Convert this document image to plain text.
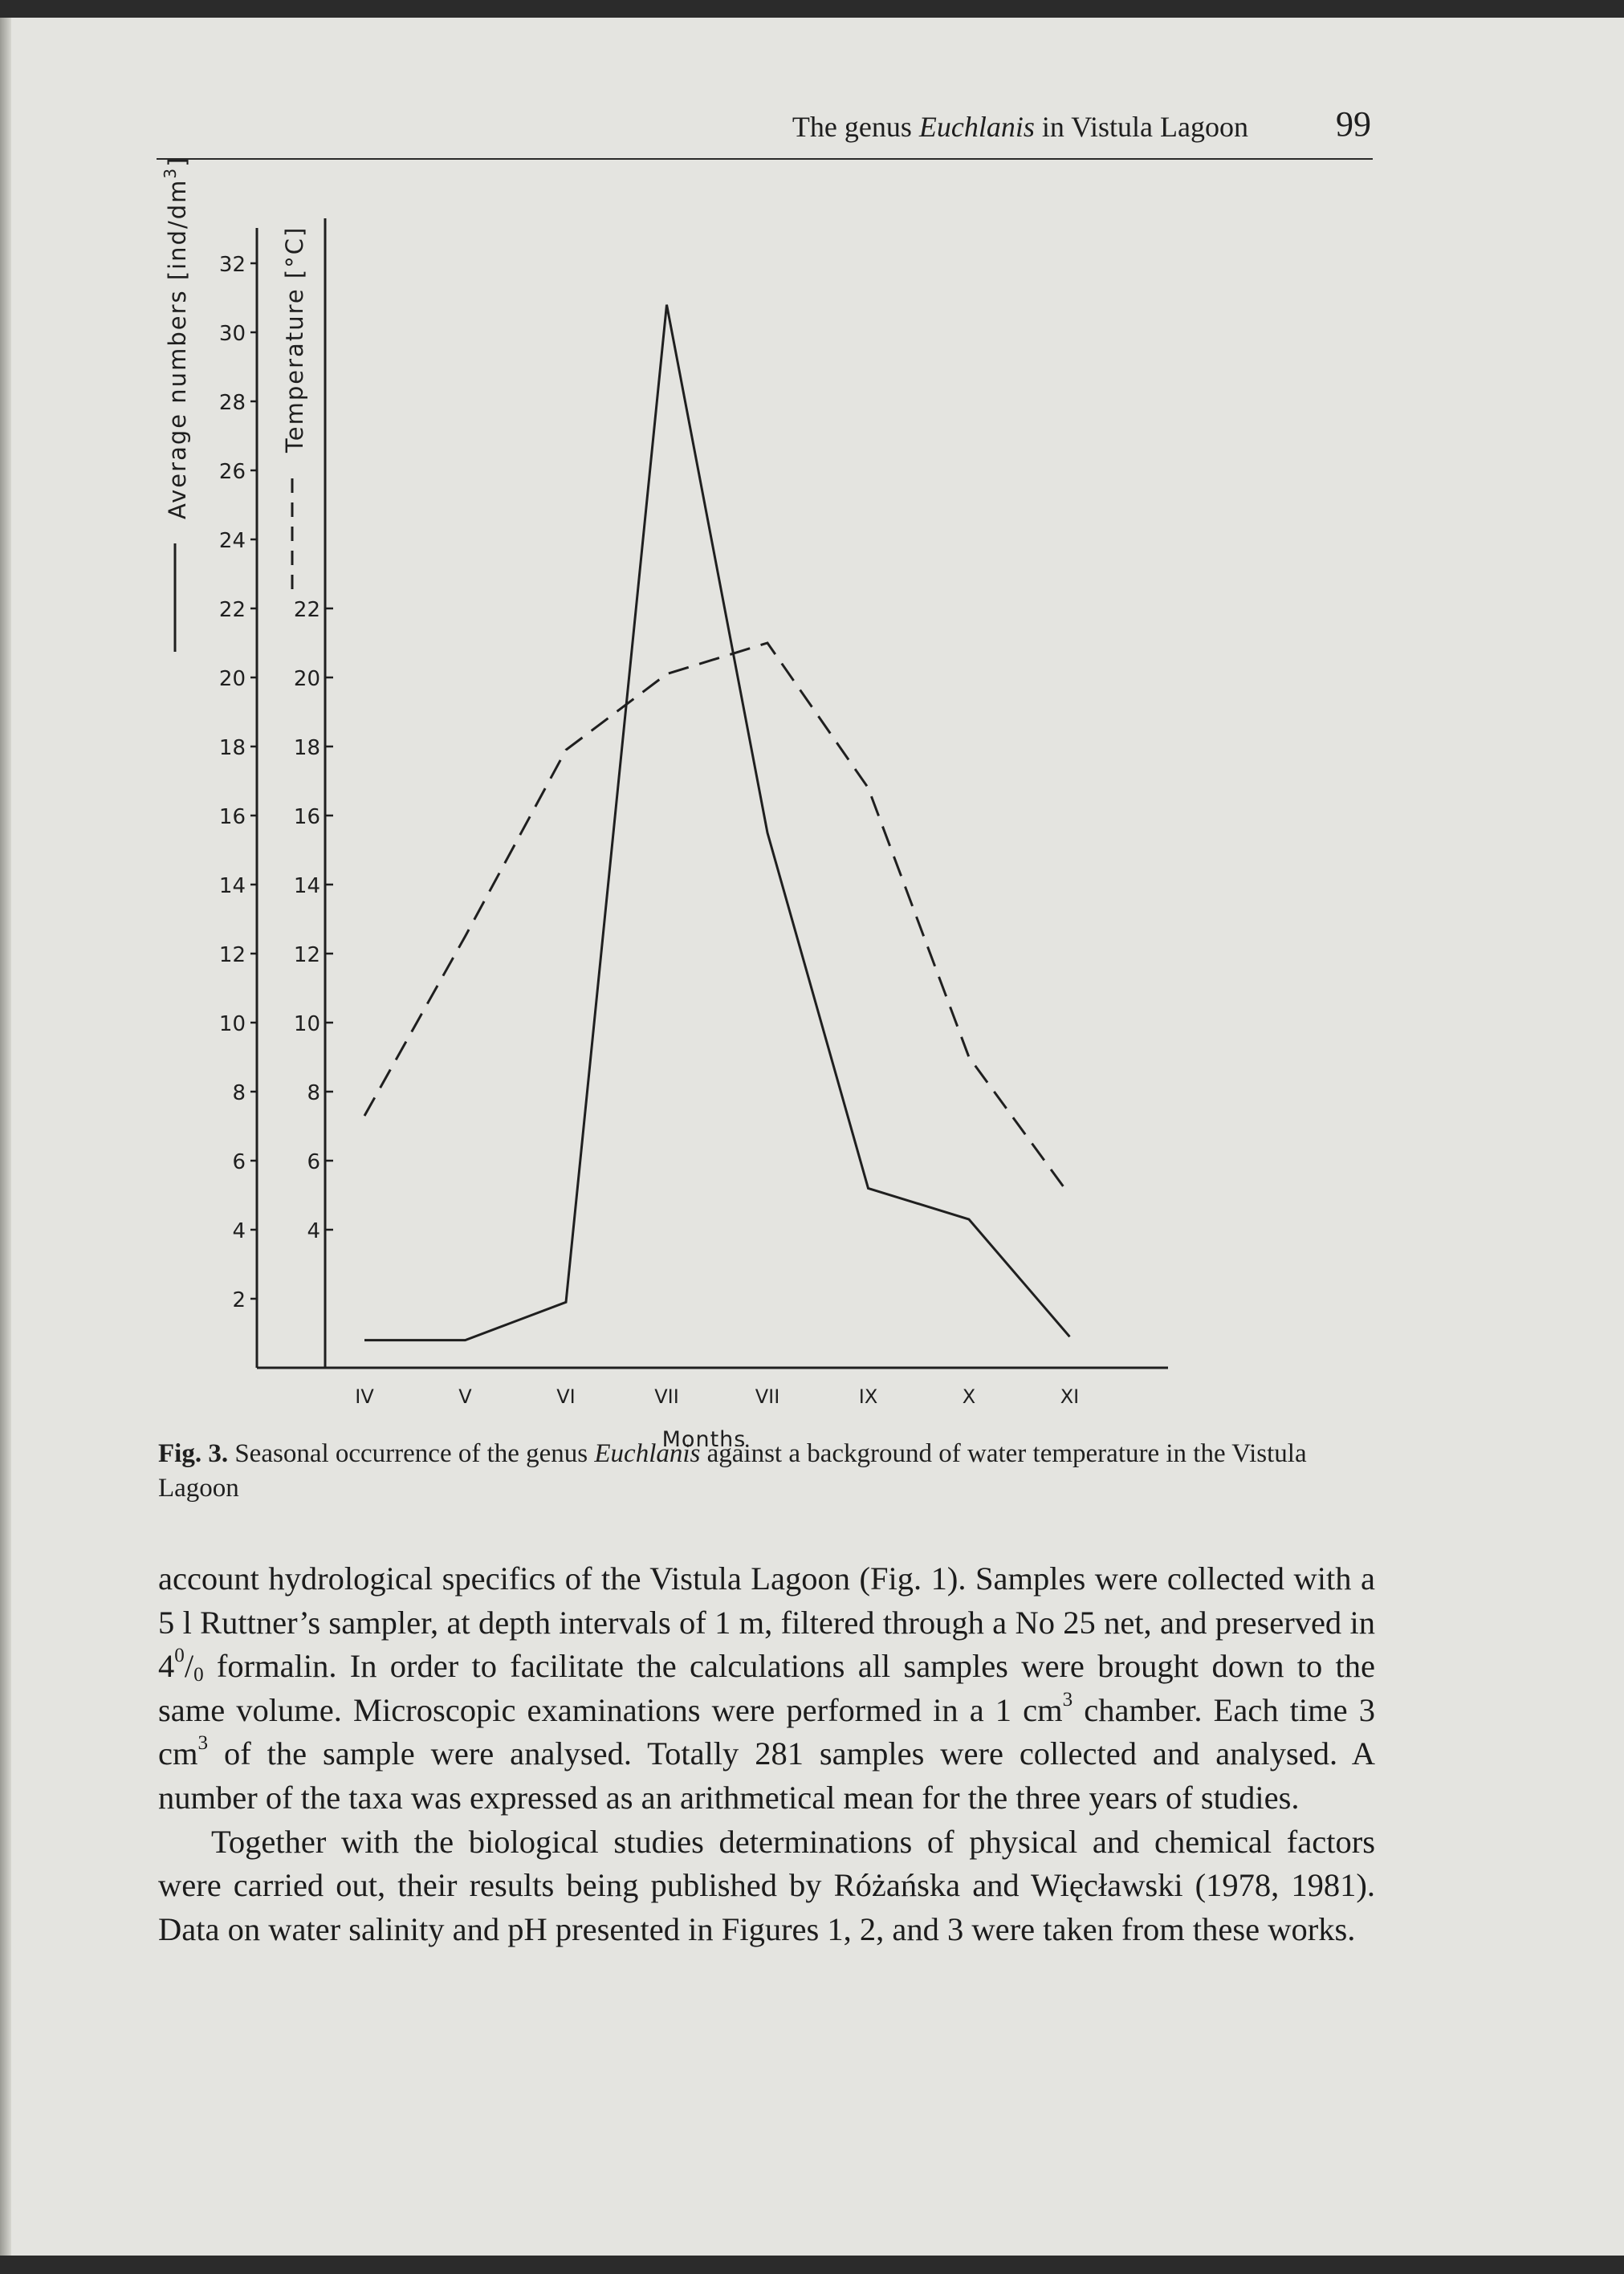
The genus Euchlanis in Vistula Lagoon 99
2
4
6
8
10
12
14
16
18
20
22
24
26
28
30
32
4
6
8
10
12
14
16
18
20
22
IV	V	VI	VII	VII	IX	X	XI
Average numbers $[ind/dm^3]$
Temperature [°C]
Months
Fig. 3. Seasonal occurrence of the genus Euchlanis against a background of water temperature in the Vistula Lagoon

account hydrological specifics of the Vistula Lagoon (Fig. 1). Samples were collected with a 5 l Ruttner’s sampler, at depth intervals of 1 m, filtered through a No 25 net, and preserved in $4^0/_0$ formalin. In order to facilitate the calculations all samples were brought down to the same volume. Microscopic examinations were performed in a 1 $cm^3$ chamber. Each time 3 $cm^3$ of the sample were analysed. Totally 281 samples were collected and analysed. A number of the taxa was expressed as an arithmetical mean for the three years of studies.

Together with the biological studies determinations of physical and chemical factors were carried out, their results being published by Różańska and Więcławski (1978, 1981). Data on water salinity and pH presented in Figures 1, 2, and 3 were taken from these works.
